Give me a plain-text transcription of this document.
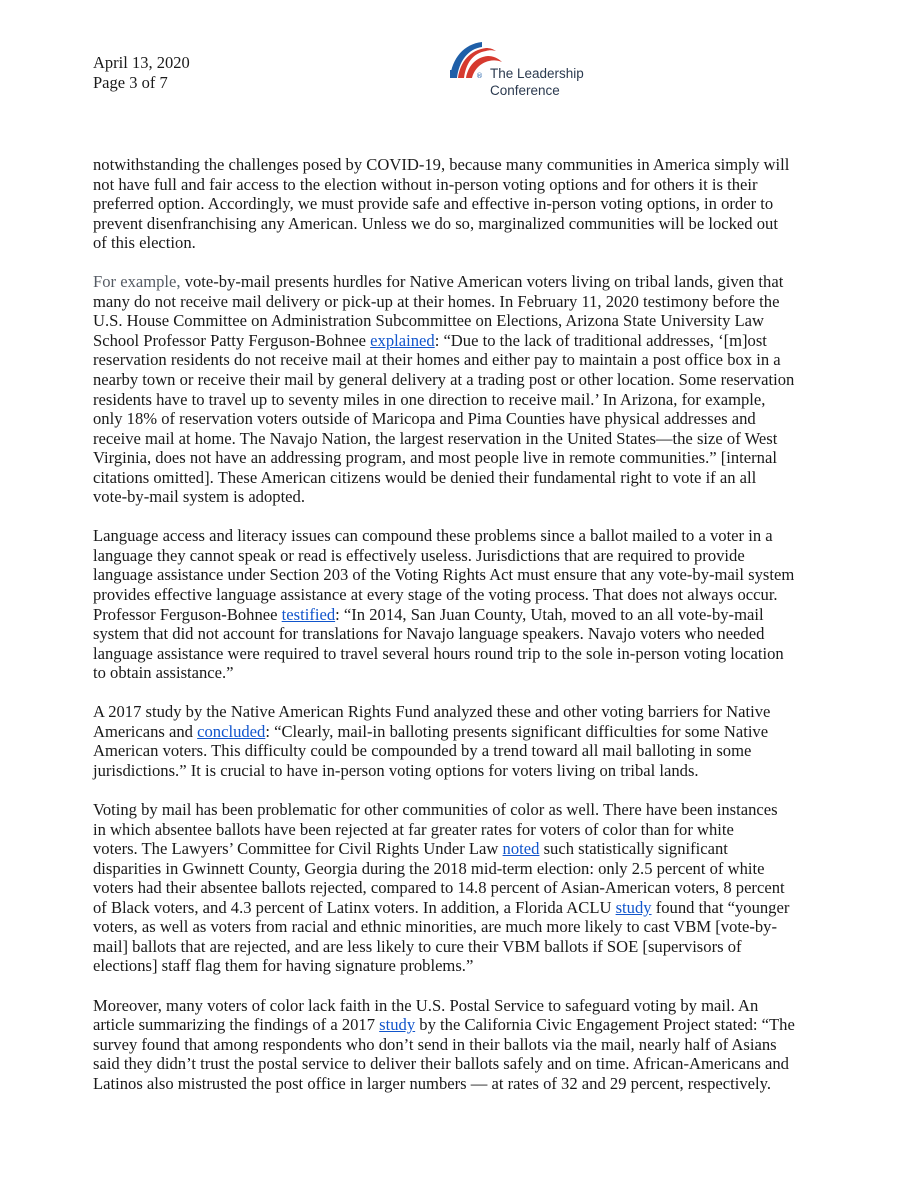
April 13, 2020
Page 3 of 7	® The Leadership
Conference
notwithstanding the challenges posed by COVID-19, because many communities in America simply will
not have full and fair access to the election without in-person voting options and for others it is their
preferred option. Accordingly, we must provide safe and effective in-person voting options, in order to
prevent disenfranchising any American. Unless we do so, marginalized communities will be locked out
of this election.
For example, vote-by-mail presents hurdles for Native American voters living on tribal lands, given that
many do not receive mail delivery or pick-up at their homes. In February 11, 2020 testimony before the
U.S. House Committee on Administration Subcommittee on Elections, Arizona State University Law
School Professor Patty Ferguson-Bohnee explained: “Due to the lack of traditional addresses, ‘[m]ost
reservation residents do not receive mail at their homes and either pay to maintain a post office box in a
nearby town or receive their mail by general delivery at a trading post or other location. Some reservation
residents have to travel up to seventy miles in one direction to receive mail.’ In Arizona, for example,
only 18% of reservation voters outside of Maricopa and Pima Counties have physical addresses and
receive mail at home. The Navajo Nation, the largest reservation in the United States—the size of West
Virginia, does not have an addressing program, and most people live in remote communities.” [internal
citations omitted]. These American citizens would be denied their fundamental right to vote if an all
vote-by-mail system is adopted.
Language access and literacy issues can compound these problems since a ballot mailed to a voter in a
language they cannot speak or read is effectively useless. Jurisdictions that are required to provide
language assistance under Section 203 of the Voting Rights Act must ensure that any vote-by-mail system
provides effective language assistance at every stage of the voting process. That does not always occur.
Professor Ferguson-Bohnee testified: “In 2014, San Juan County, Utah, moved to an all vote-by-mail
system that did not account for translations for Navajo language speakers. Navajo voters who needed
language assistance were required to travel several hours round trip to the sole in-person voting location
to obtain assistance.”
A 2017 study by the Native American Rights Fund analyzed these and other voting barriers for Native
Americans and concluded: “Clearly, mail-in balloting presents significant difficulties for some Native
American voters. This difficulty could be compounded by a trend toward all mail balloting in some
jurisdictions.” It is crucial to have in-person voting options for voters living on tribal lands.
Voting by mail has been problematic for other communities of color as well. There have been instances
in which absentee ballots have been rejected at far greater rates for voters of color than for white
voters. The Lawyers’ Committee for Civil Rights Under Law noted such statistically significant
disparities in Gwinnett County, Georgia during the 2018 mid-term election: only 2.5 percent of white
voters had their absentee ballots rejected, compared to 14.8 percent of Asian-American voters, 8 percent
of Black voters, and 4.3 percent of Latinx voters. In addition, a Florida ACLU study found that “younger
voters, as well as voters from racial and ethnic minorities, are much more likely to cast VBM [vote-by-
mail] ballots that are rejected, and are less likely to cure their VBM ballots if SOE [supervisors of
elections] staff flag them for having signature problems.”
Moreover, many voters of color lack faith in the U.S. Postal Service to safeguard voting by mail. An
article summarizing the findings of a 2017 study by the California Civic Engagement Project stated: “The
survey found that among respondents who don’t send in their ballots via the mail, nearly half of Asians
said they didn’t trust the postal service to deliver their ballots safely and on time. African-Americans and
Latinos also mistrusted the post office in larger numbers — at rates of 32 and 29 percent, respectively.
